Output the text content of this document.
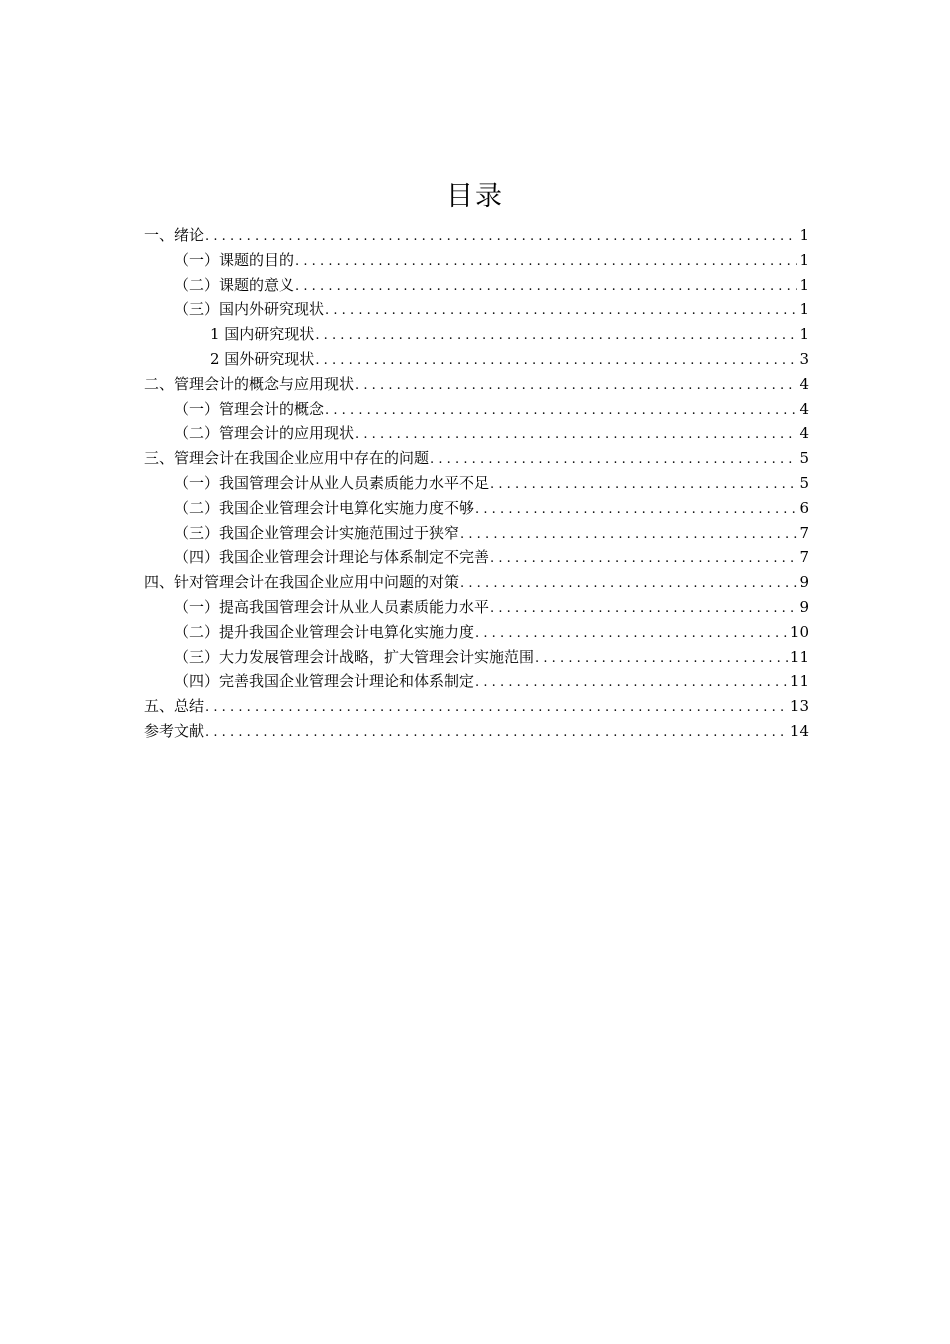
目录
一、绪论 .....	1
（一）课题的目的 .....	1
（二）课题的意义 .....	1
（三）国内外研究现状 .....	1
1 国内研究现状 .....	1
2 国外研究现状 .....	3
二、管理会计的概念与应用现状 .....	4
（一）管理会计的概念 .....	4
（二）管理会计的应用现状 .....	4
三、管理会计在我国企业应用中存在的问题 .....	5
（一）我国管理会计从业人员素质能力水平不足 .....	5
（二）我国企业管理会计电算化实施力度不够 .....	6
（三）我国企业管理会计实施范围过于狭窄 .....	7
（四）我国企业管理会计理论与体系制定不完善 .....	7
四、针对管理会计在我国企业应用中问题的对策 .....	9
（一）提高我国管理会计从业人员素质能力水平 .....	9
（二）提升我国企业管理会计电算化实施力度 .....	10
（三）大力发展管理会计战略，扩大管理会计实施范围 .....	11
（四）完善我国企业管理会计理论和体系制定 .....	11
五、总结 .....	13
参考文献 .....	14
